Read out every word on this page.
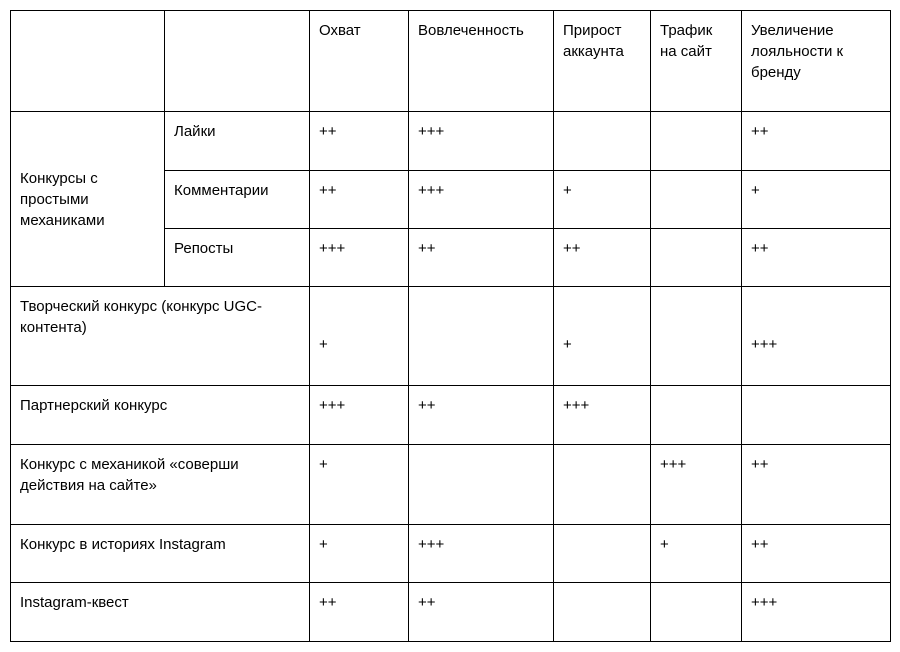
		Охват	Вовлеченность	Прирост аккаунта	Трафик на сайт	Увеличение лояльности к бренду
Конкурсы с простыми механиками	Лайки	++	+++			++
	Комментарии	++	+++	+		+
	Репосты	+++	++	++		++
Творческий конкурс (конкурс UGC-контента)		+		+		+++
Партнерский конкурс		+++	++	+++		
Конкурс с механикой «соверши действия на сайте»		+			+++	++
Конкурс в историях Instagram		+	+++		+	++
Instagram-квест		++	++			+++
